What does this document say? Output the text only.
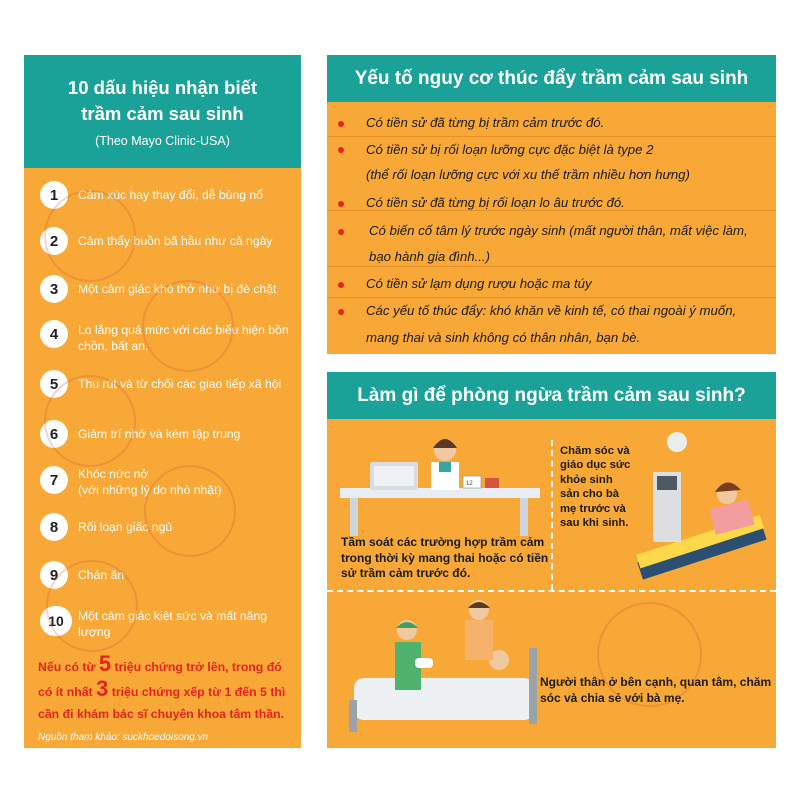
10 dấu hiệu nhận biết
trầm cảm sau sinh
(Theo Mayo Clinic-USA)
1	Cảm xúc hay thay đổi, dễ bùng nổ
2	Cảm thấy buồn bã hầu như cả ngày
3	Một cảm giác khó thở như bị đè chặt
4	Lo lắng quá mức với các biểu hiện bồn chồn, bất an.
5	Thu rút và từ chối các giao tiếp xã hội
6	Giảm trí nhớ và kém tập trung
7	Khóc nức nở
(với những lý do nhỏ nhặt)
8	Rối loạn giấc ngủ
9	Chán ăn
10	Một cảm giác kiệt sức và mất năng lượng
Nếu có từ 5 triệu chứng trở lên, trong đó có ít nhất 3 triệu chứng xếp từ 1 đến 5 thì cần đi khám bác sĩ chuyên khoa tâm thần.
Nguồn tham khảo: suckhoedoisong.vn
Yếu tố nguy cơ thúc đẩy trầm cảm sau sinh
Có tiền sử đã từng bị trầm cảm trước đó.
Có tiền sử bị rối loạn lưỡng cực đặc biệt là type 2
(thể rối loạn lưỡng cực với xu thế trầm nhiều hơn hưng)
Có tiền sử đã từng bị rối loạn lo âu trước đó.
Có biến cố tâm lý trước ngày sinh (mất người thân, mất việc làm,
bạo hành gia đình...)
Có tiền sử lạm dụng rượu hoặc ma túy
Các yếu tố thúc đẩy: khó khăn về kinh tế, có thai ngoài ý muốn,
mang thai và sinh không có thân nhân, bạn bè.
Làm gì để phòng ngừa trầm cảm sau sinh?
12
Tầm soát các trường hợp trầm cảm trong thời kỳ mang thai hoặc có tiền sử trầm cảm trước đó.
Chăm sóc và giáo dục sức khỏe sinh sản cho bà mẹ trước và sau khi sinh.
Người thân ở bên cạnh, quan tâm, chăm sóc và chia sẻ với bà mẹ.
